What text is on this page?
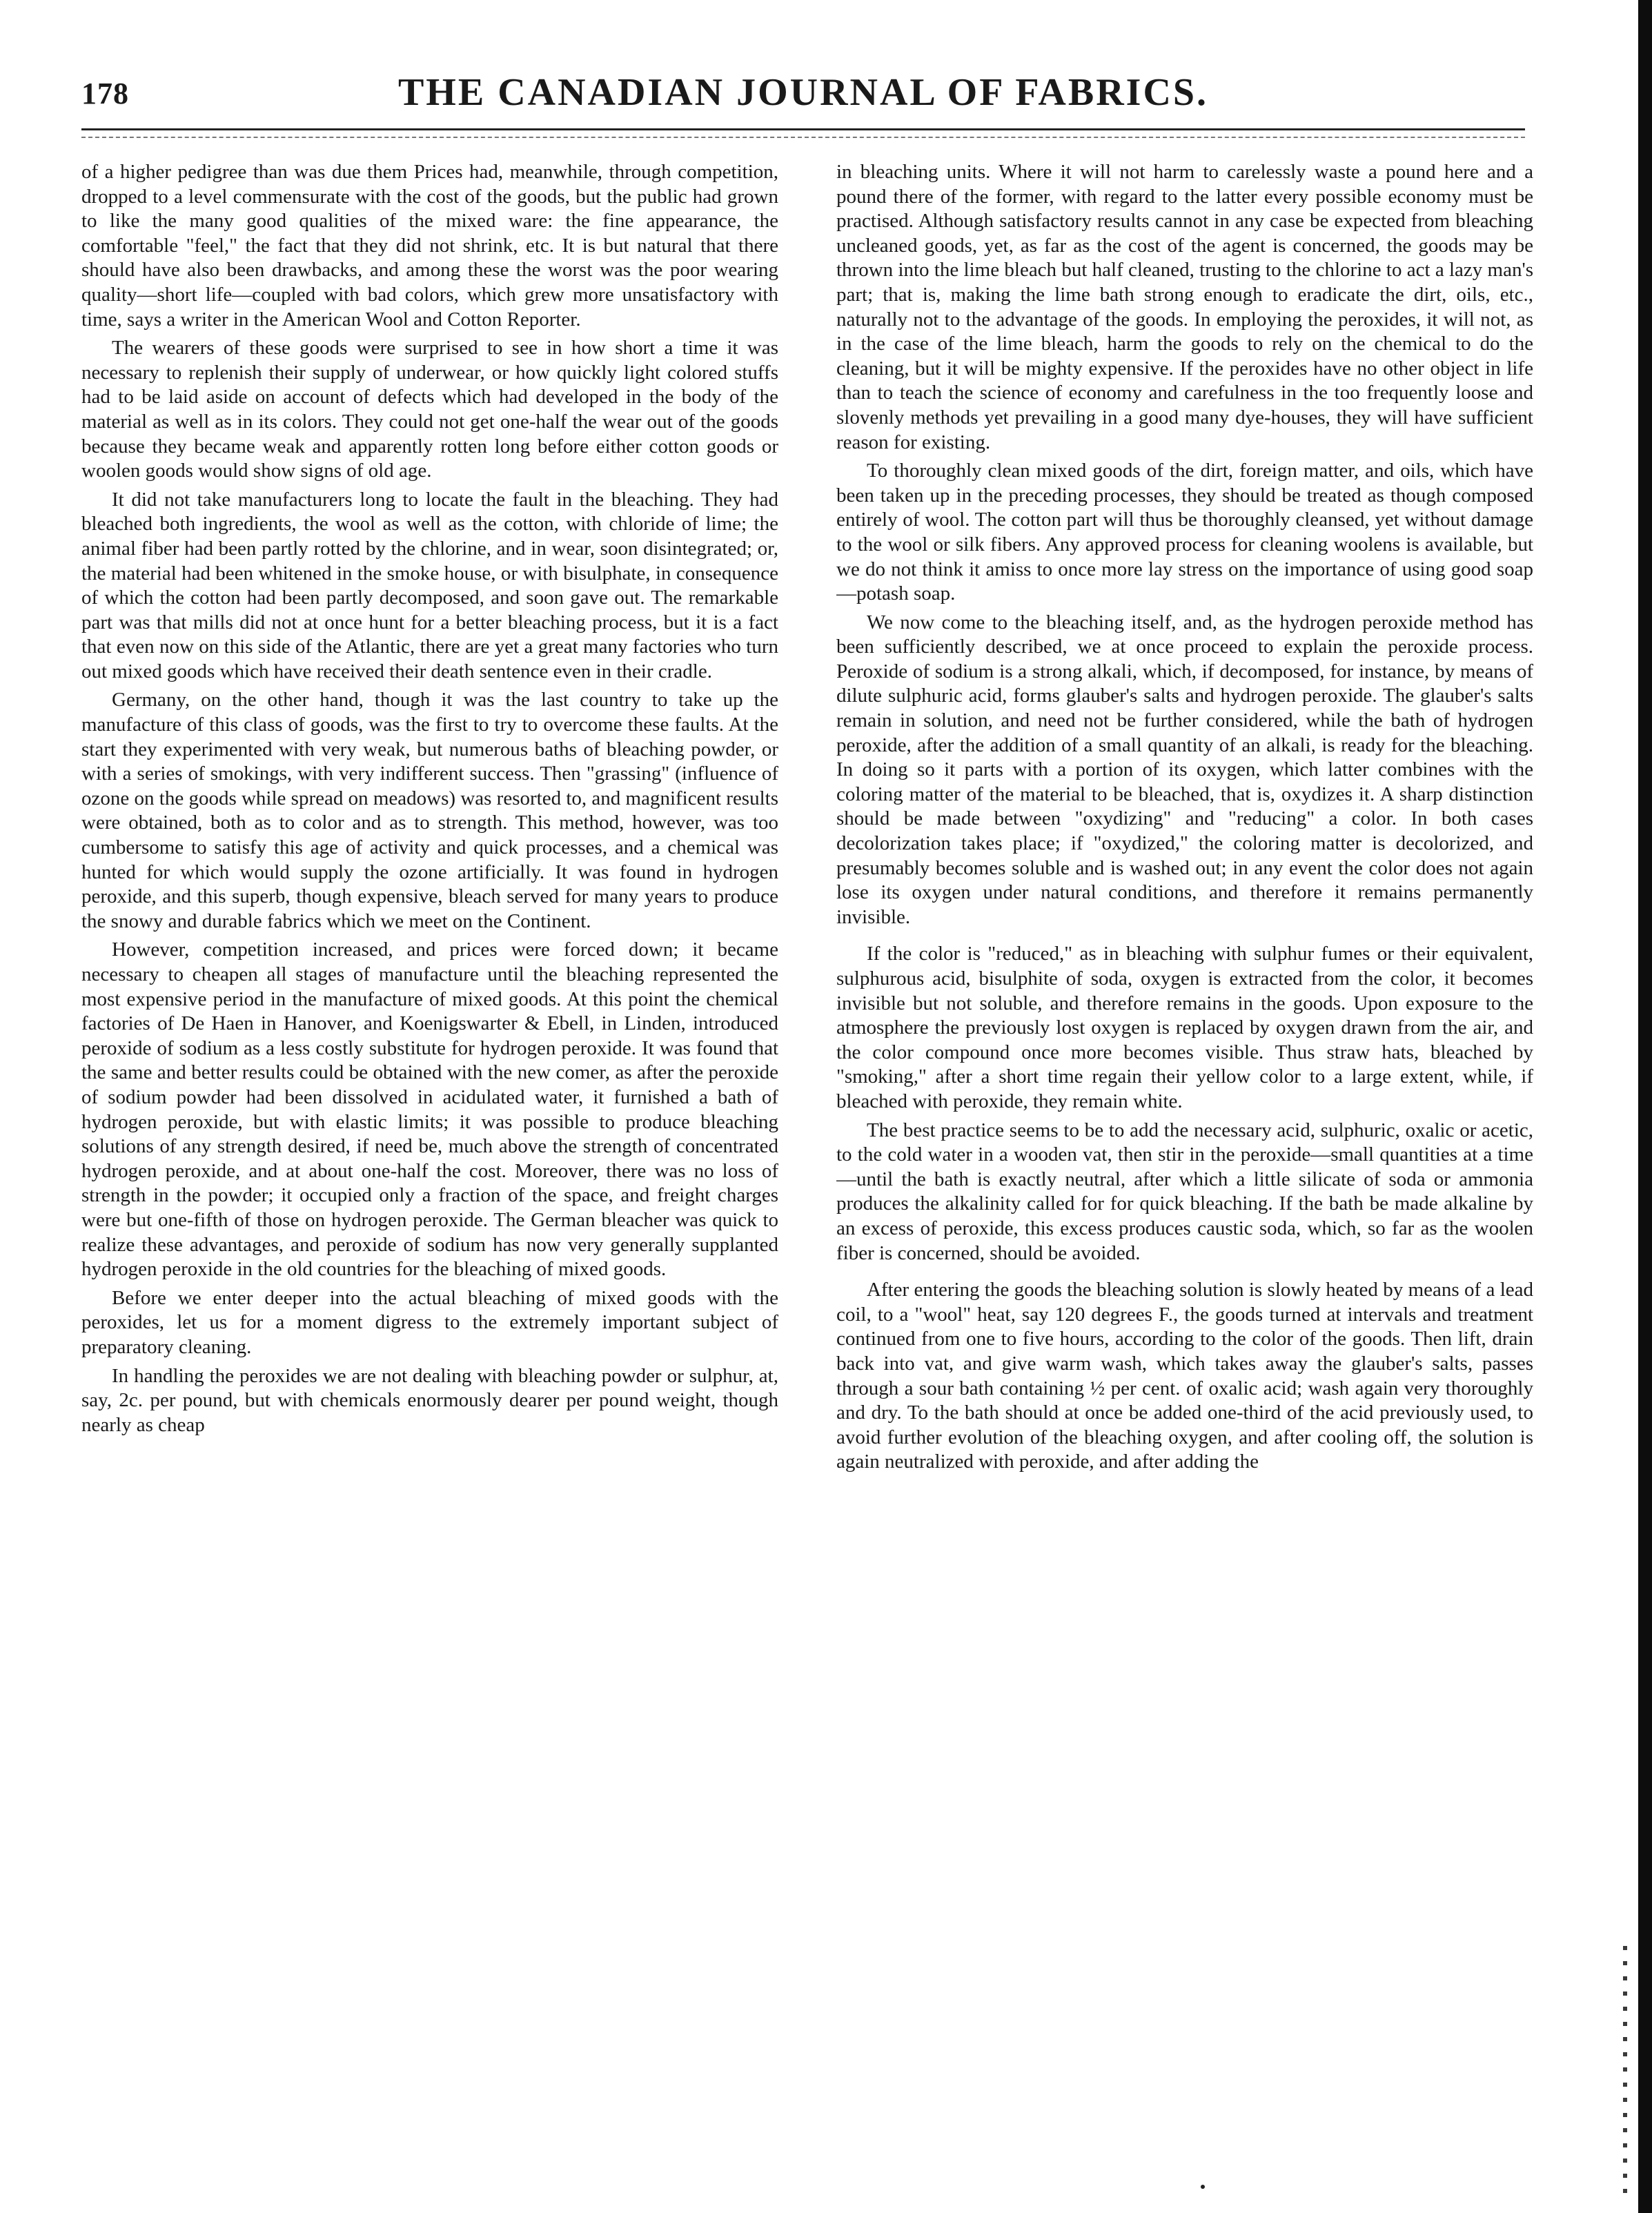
178	THE CANADIAN JOURNAL OF FABRICS.

of a higher pedigree than was due them Prices had, meanwhile, through competition, dropped to a level commensurate with the cost of the goods, but the public had grown to like the many good qualities of the mixed ware: the fine appearance, the comfortable "feel," the fact that they did not shrink, etc. It is but natural that there should have also been drawbacks, and among these the worst was the poor wearing quality—short life—coupled with bad colors, which grew more unsatisfactory with time, says a writer in the American Wool and Cotton Reporter.

The wearers of these goods were surprised to see in how short a time it was necessary to replenish their supply of underwear, or how quickly light colored stuffs had to be laid aside on account of defects which had developed in the body of the material as well as in its colors. They could not get one-half the wear out of the goods because they became weak and apparently rotten long before either cotton goods or woolen goods would show signs of old age.

It did not take manufacturers long to locate the fault in the bleaching. They had bleached both ingredients, the wool as well as the cotton, with chloride of lime; the animal fiber had been partly rotted by the chlorine, and in wear, soon disintegrated; or, the material had been whitened in the smoke house, or with bisulphate, in consequence of which the cotton had been partly decomposed, and soon gave out. The remarkable part was that mills did not at once hunt for a better bleaching process, but it is a fact that even now on this side of the Atlantic, there are yet a great many factories who turn out mixed goods which have received their death sentence even in their cradle.

Germany, on the other hand, though it was the last country to take up the manufacture of this class of goods, was the first to try to overcome these faults. At the start they experimented with very weak, but numerous baths of bleaching powder, or with a series of smokings, with very indifferent success. Then "grassing" (influence of ozone on the goods while spread on meadows) was resorted to, and magnificent results were obtained, both as to color and as to strength. This method, however, was too cumbersome to satisfy this age of activity and quick processes, and a chemical was hunted for which would supply the ozone artificially. It was found in hydrogen peroxide, and this superb, though expensive, bleach served for many years to produce the snowy and durable fabrics which we meet on the Continent.

However, competition increased, and prices were forced down; it became necessary to cheapen all stages of manufacture until the bleaching represented the most expensive period in the manufacture of mixed goods. At this point the chemical factories of De Haen in Hanover, and Koenigswarter & Ebell, in Linden, introduced peroxide of sodium as a less costly substitute for hydrogen peroxide. It was found that the same and better results could be obtained with the new comer, as after the peroxide of sodium powder had been dissolved in acidulated water, it furnished a bath of hydrogen peroxide, but with elastic limits; it was possible to produce bleaching solutions of any strength desired, if need be, much above the strength of concentrated hydrogen peroxide, and at about one-half the cost. Moreover, there was no loss of strength in the powder; it occupied only a fraction of the space, and freight charges were but one-fifth of those on hydrogen peroxide. The German bleacher was quick to realize these advantages, and peroxide of sodium has now very generally supplanted hydrogen peroxide in the old countries for the bleaching of mixed goods.

Before we enter deeper into the actual bleaching of mixed goods with the peroxides, let us for a moment digress to the extremely important subject of preparatory cleaning.

In handling the peroxides we are not dealing with bleaching powder or sulphur, at, say, 2c. per pound, but with chemicals enormously dearer per pound weight, though nearly as cheap

in bleaching units. Where it will not harm to carelessly waste a pound here and a pound there of the former, with regard to the latter every possible economy must be practised. Although satisfactory results cannot in any case be expected from bleaching uncleaned goods, yet, as far as the cost of the agent is concerned, the goods may be thrown into the lime bleach but half cleaned, trusting to the chlorine to act a lazy man's part; that is, making the lime bath strong enough to eradicate the dirt, oils, etc., naturally not to the advantage of the goods. In employing the peroxides, it will not, as in the case of the lime bleach, harm the goods to rely on the chemical to do the cleaning, but it will be mighty expensive. If the peroxides have no other object in life than to teach the science of economy and carefulness in the too frequently loose and slovenly methods yet prevailing in a good many dye-houses, they will have sufficient reason for existing.

To thoroughly clean mixed goods of the dirt, foreign matter, and oils, which have been taken up in the preceding processes, they should be treated as though composed entirely of wool. The cotton part will thus be thoroughly cleansed, yet without damage to the wool or silk fibers. Any approved process for cleaning woolens is available, but we do not think it amiss to once more lay stress on the importance of using good soap—potash soap.

We now come to the bleaching itself, and, as the hydrogen peroxide method has been sufficiently described, we at once proceed to explain the peroxide process. Peroxide of sodium is a strong alkali, which, if decomposed, for instance, by means of dilute sulphuric acid, forms glauber's salts and hydrogen peroxide. The glauber's salts remain in solution, and need not be further considered, while the bath of hydrogen peroxide, after the addition of a small quantity of an alkali, is ready for the bleaching. In doing so it parts with a portion of its oxygen, which latter combines with the coloring matter of the material to be bleached, that is, oxydizes it. A sharp distinction should be made between "oxydizing" and "reducing" a color. In both cases decolorization takes place; if "oxydized," the coloring matter is decolorized, and presumably becomes soluble and is washed out; in any event the color does not again lose its oxygen under natural conditions, and therefore it remains permanently invisible.

If the color is "reduced," as in bleaching with sulphur fumes or their equivalent, sulphurous acid, bisulphite of soda, oxygen is extracted from the color, it becomes invisible but not soluble, and therefore remains in the goods. Upon exposure to the atmosphere the previously lost oxygen is replaced by oxygen drawn from the air, and the color compound once more becomes visible. Thus straw hats, bleached by "smoking," after a short time regain their yellow color to a large extent, while, if bleached with peroxide, they remain white.

The best practice seems to be to add the necessary acid, sulphuric, oxalic or acetic, to the cold water in a wooden vat, then stir in the peroxide—small quantities at a time—until the bath is exactly neutral, after which a little silicate of soda or ammonia produces the alkalinity called for for quick bleaching. If the bath be made alkaline by an excess of peroxide, this excess produces caustic soda, which, so far as the woolen fiber is concerned, should be avoided.

After entering the goods the bleaching solution is slowly heated by means of a lead coil, to a "wool" heat, say 120 degrees F., the goods turned at intervals and treatment continued from one to five hours, according to the color of the goods. Then lift, drain back into vat, and give warm wash, which takes away the glauber's salts, passes through a sour bath containing ½ per cent. of oxalic acid; wash again very thoroughly and dry. To the bath should at once be added one-third of the acid previously used, to avoid further evolution of the bleaching oxygen, and after cooling off, the solution is again neutralized with peroxide, and after adding the
